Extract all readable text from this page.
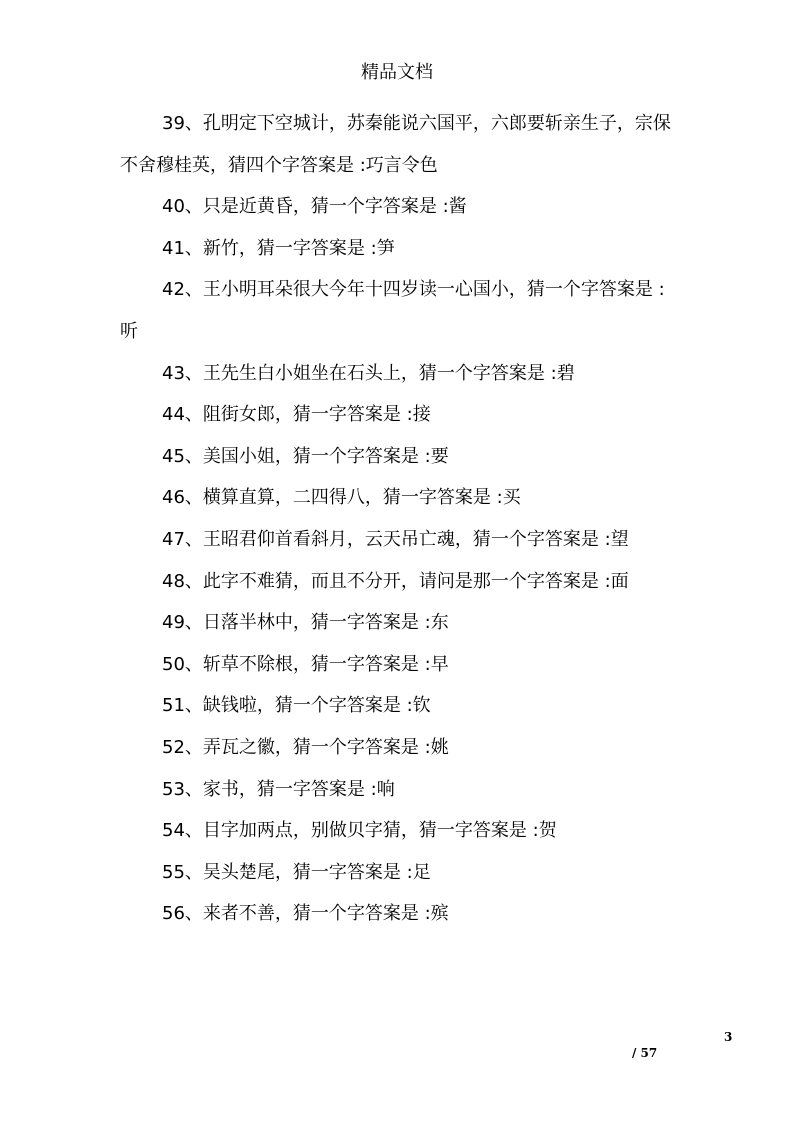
精品文档

39、孔明定下空城计，苏秦能说六国平，六郎要斩亲生子，宗保不舍穆桂英，猜四个字答案是 :巧言令色

40、只是近黄昏，猜一个字答案是 :酱

41、新竹，猜一字答案是 :笋

42、王小明耳朵很大今年十四岁读一心国小，猜一个字答案是 :听

43、王先生白小姐坐在石头上，猜一个字答案是 :碧

44、阻街女郎，猜一字答案是 :接

45、美国小姐，猜一个字答案是 :要

46、横算直算，二四得八，猜一字答案是 :买

47、王昭君仰首看斜月，云天吊亡魂，猜一个字答案是 :望

48、此字不难猜，而且不分开，请问是那一个字答案是 :面

49、日落半林中，猜一字答案是 :东

50、斩草不除根，猜一字答案是 :早

51、缺钱啦，猜一个字答案是 :钦

52、弄瓦之徽，猜一个字答案是 :姚

53、家书，猜一字答案是 :响

54、目字加两点，别做贝字猜，猜一字答案是 :贺

55、吴头楚尾，猜一字答案是 :足

56、来者不善，猜一个字答案是 :殡

3
/ 57
